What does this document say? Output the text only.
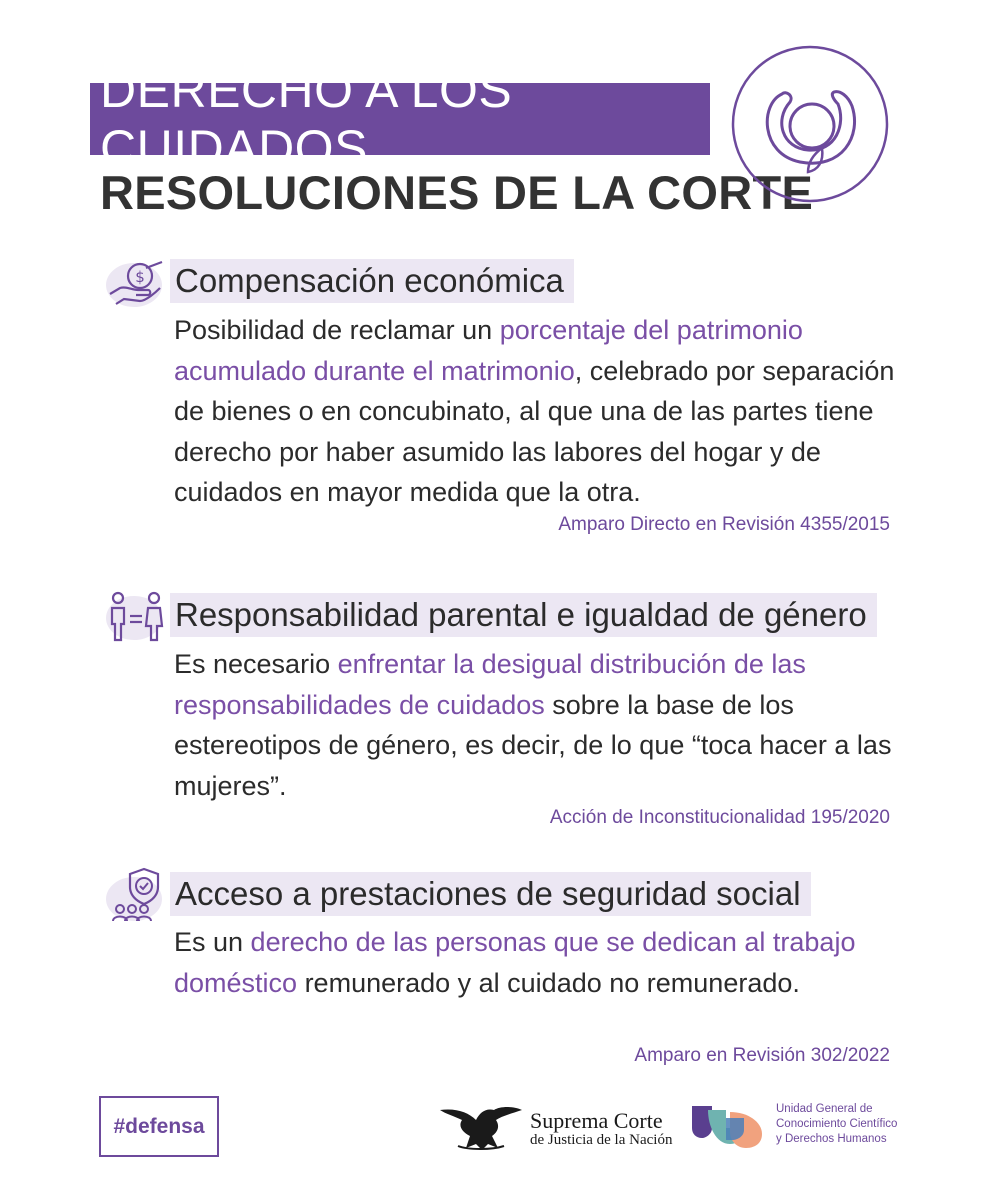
DERECHO A LOS CUIDADOS
RESOLUCIONES DE LA CORTE
$ Compensación económica
Posibilidad de reclamar un porcentaje del patrimonio acumulado durante el matrimonio, celebrado por separación de bienes o en concubinato, al que una de las partes tiene derecho por haber asumido las labores del hogar y de cuidados en mayor medida que la otra.
Amparo Directo en Revisión 4355/2015
Responsabilidad parental e igualdad de género
Es necesario enfrentar la desigual distribución de las responsabilidades de cuidados sobre la base de los estereotipos de género, es decir, de lo que “toca hacer a las mujeres”.
Acción de Inconstitucionalidad 195/2020
Acceso a prestaciones de seguridad social
Es un derecho de las personas que se dedican al trabajo doméstico remunerado y al cuidado no remunerado.
Amparo en Revisión 302/2022
#defensa	Suprema Corte
de Justicia de la Nación
Unidad General de
Conocimiento Científico
y Derechos Humanos
